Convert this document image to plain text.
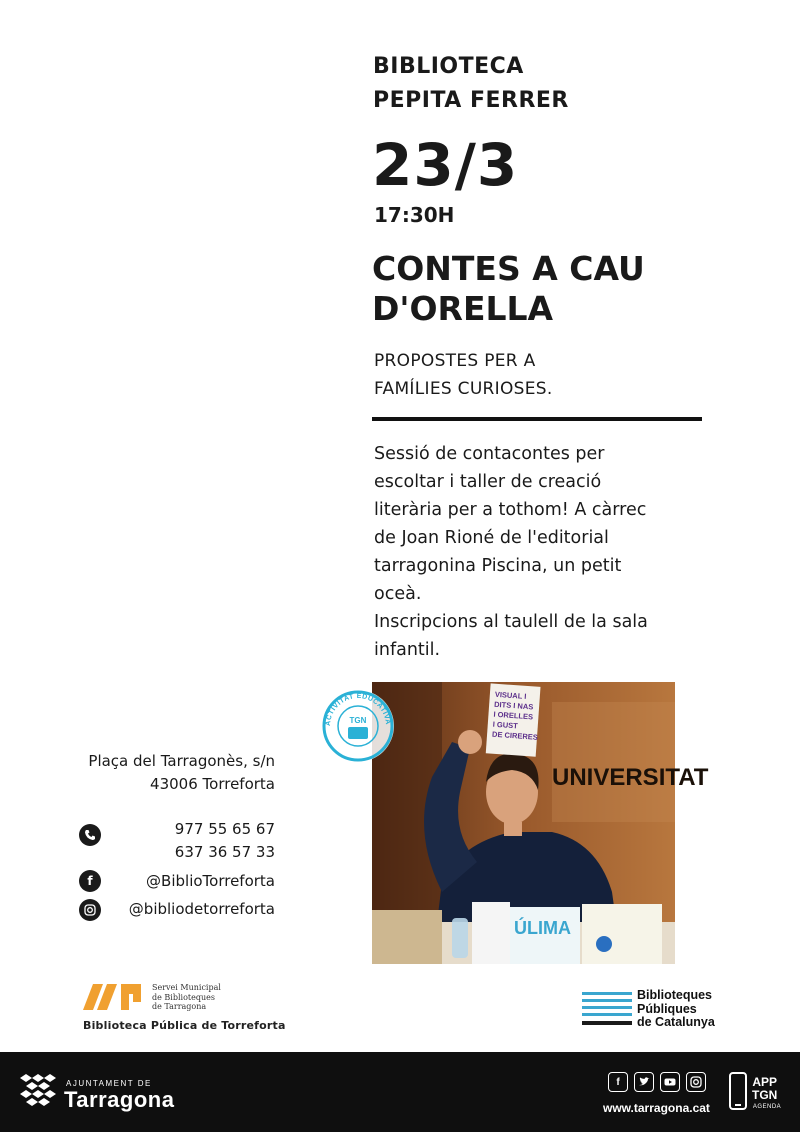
BIBLIOTECA
PEPITA FERRER
23/3
17:30H
CONTES A CAU
D'ORELLA
PROPOSTES PER A
FAMÍLIES CURIOSES.

Sessió de contacontes per

escoltar i taller de creació

literària per a tothom! A càrrec

de Joan Rioné de l'editorial

tarragonina Piscina, un petit

oceà.

Inscripcions al taulell de la sala

infantil.

UNIVERSITAT
VISUAL I
DITS I NAS
I ORELLES
I GUST
DE CIRERES
ÚLIMA
ACTIVITAT EDUCATIVA
TGN
Plaça del Tarragonès, s/n
43006 Torreforta
977 55 65 67
637 36 57 33
f	@BiblioTorreforta
@bibliodetorreforta
Servei Municipal
de Biblioteques
de Tarragona
Biblioteca Pública de Torreforta
Biblioteques
Públiques
de Catalunya
AJUNTAMENT DE
Tarragona
f
www.tarragona.cat
APP
TGN
AGENDA
